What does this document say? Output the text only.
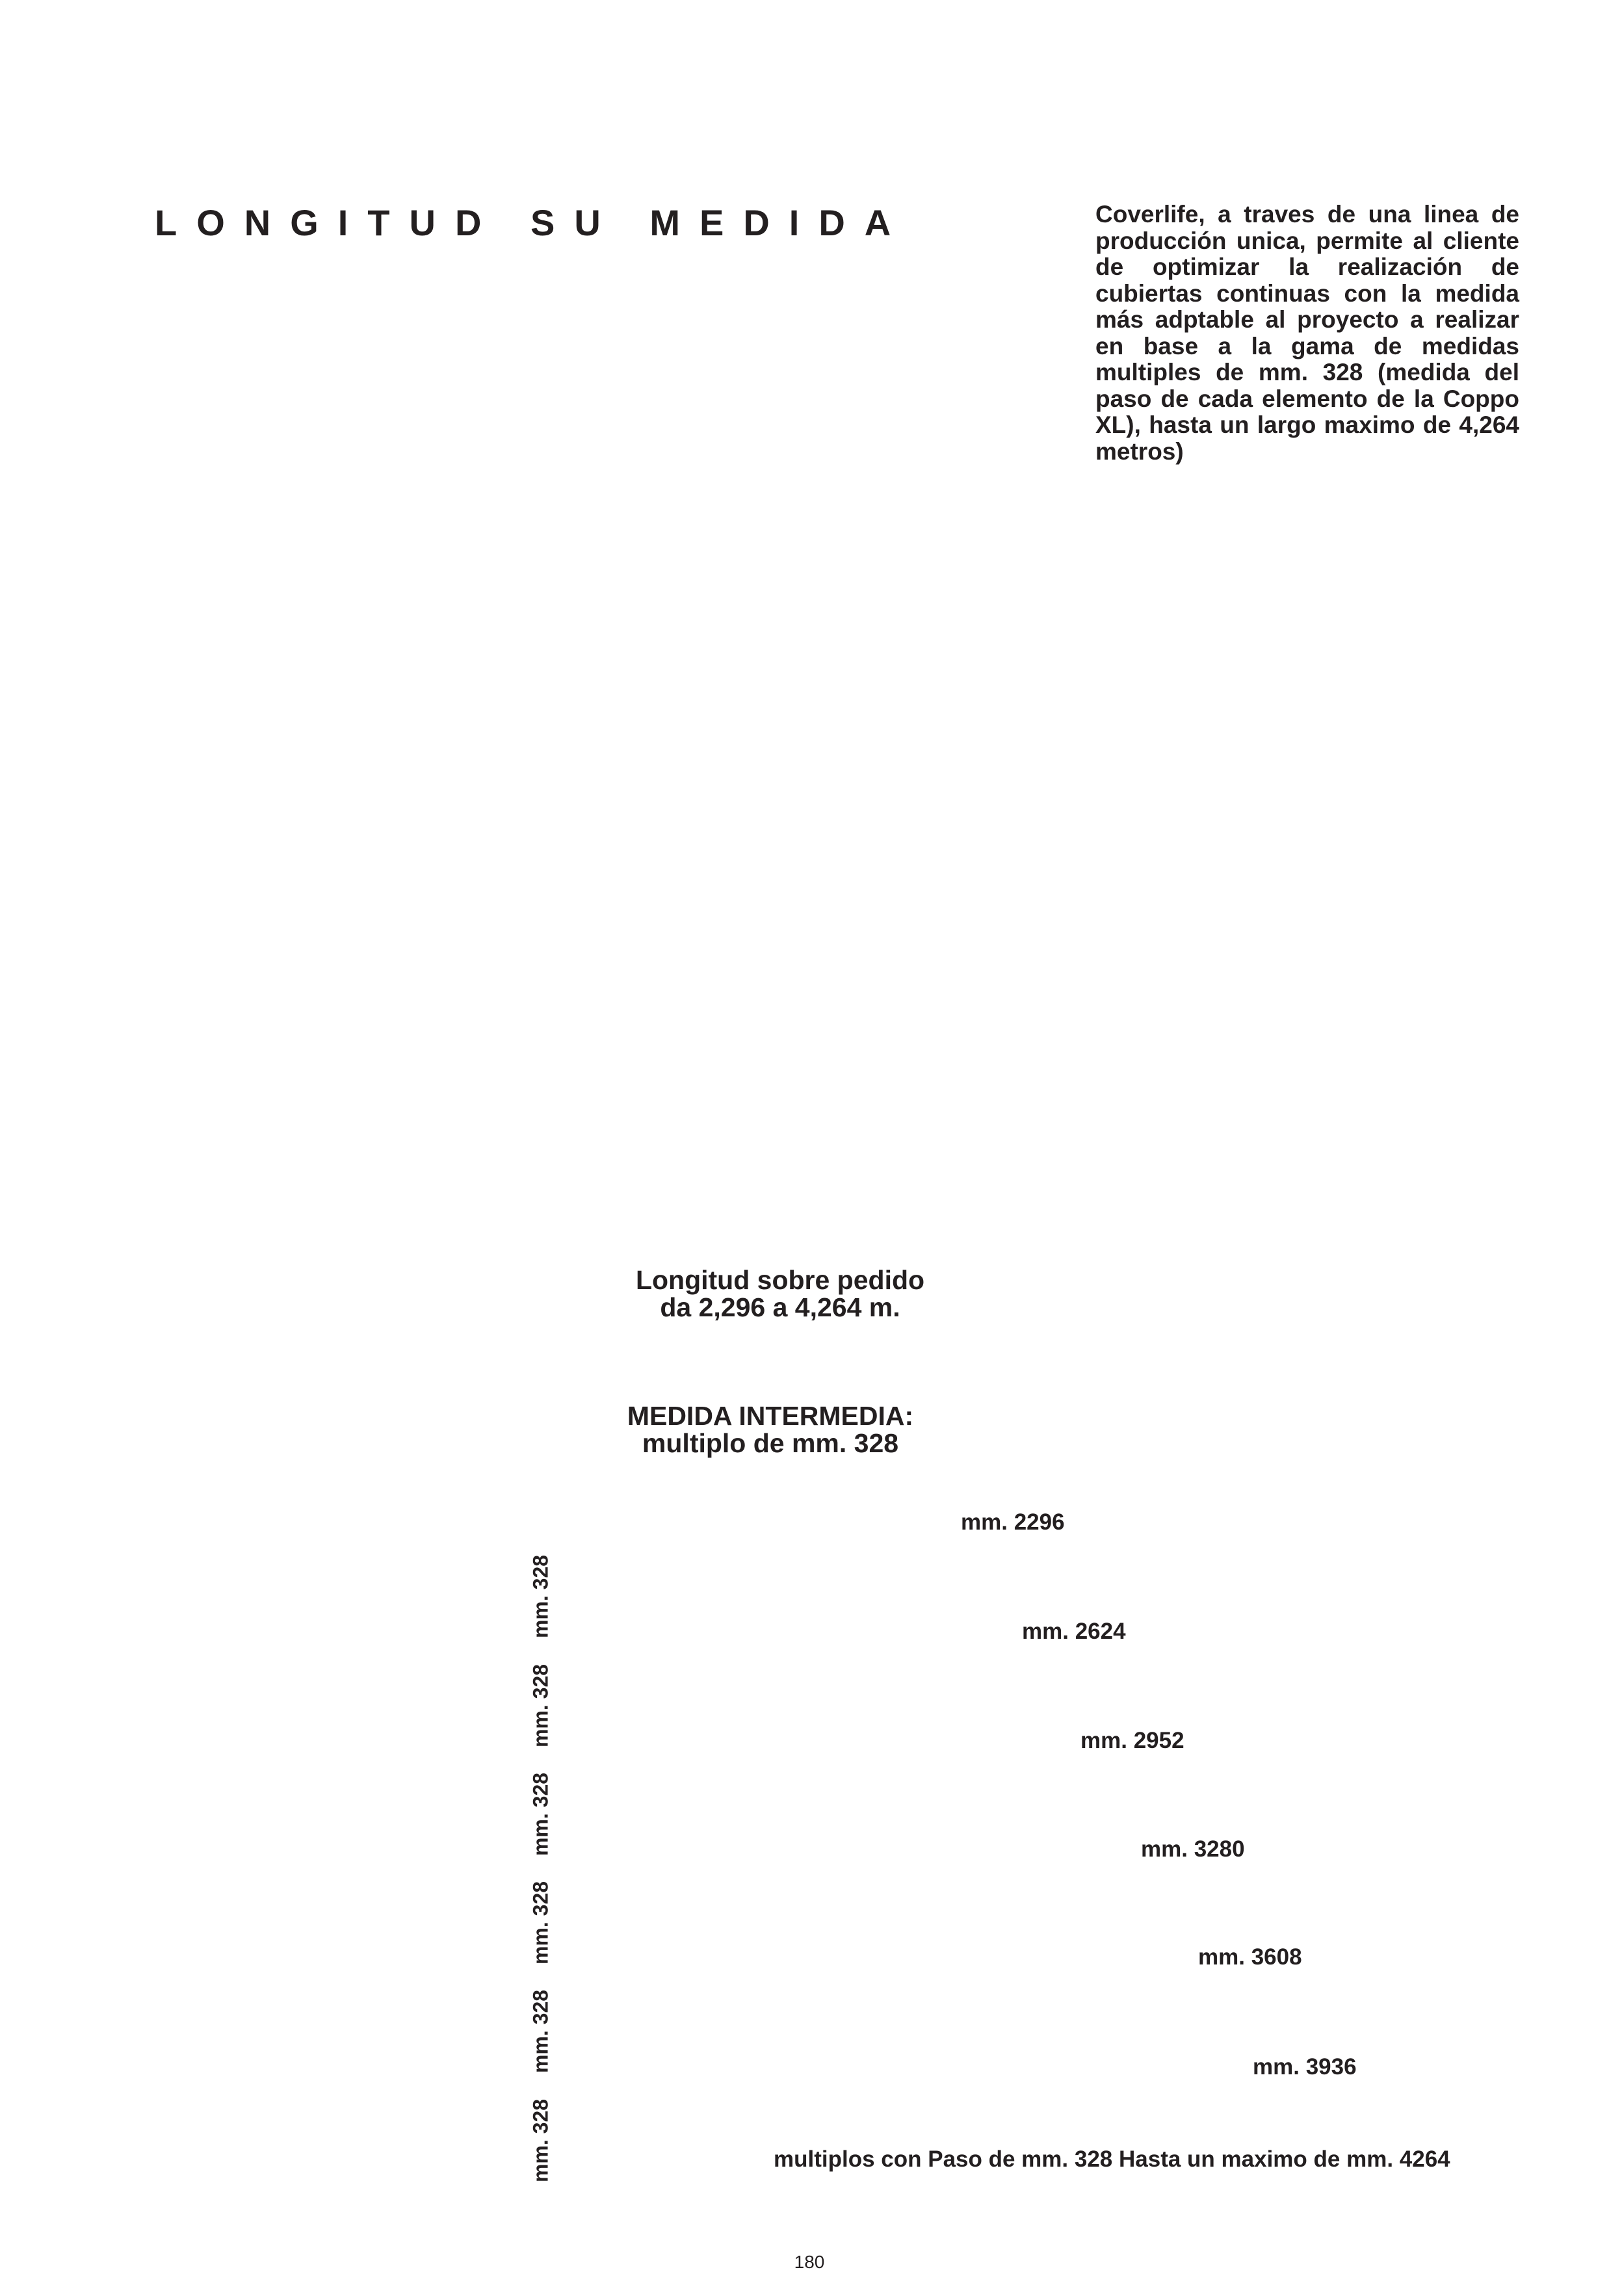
LONGITUD SU MEDIDA	Coverlife, a traves de una linea de producción unica, permite al cliente de optimizar la realización de cubiertas continuas con la medida más adptable al proyecto a realizar en base a la gama de medidas multiples de mm. 328 (medida del paso de cada elemento de la Coppo XL), hasta un largo maximo de 4,264 metros)
Longitud sobre pedido
da 2,296 a 4,264 m.
MEDIDA INTERMEDIA:
multiplo de mm. 328
mm. 2296
mm. 2624
mm. 2952
mm. 3280
mm. 3608
mm. 3936
multiplos con Paso de mm. 328 Hasta un maximo de mm. 4264
mm. 328
mm. 328
mm. 328
mm. 328
mm. 328
mm. 328
180
